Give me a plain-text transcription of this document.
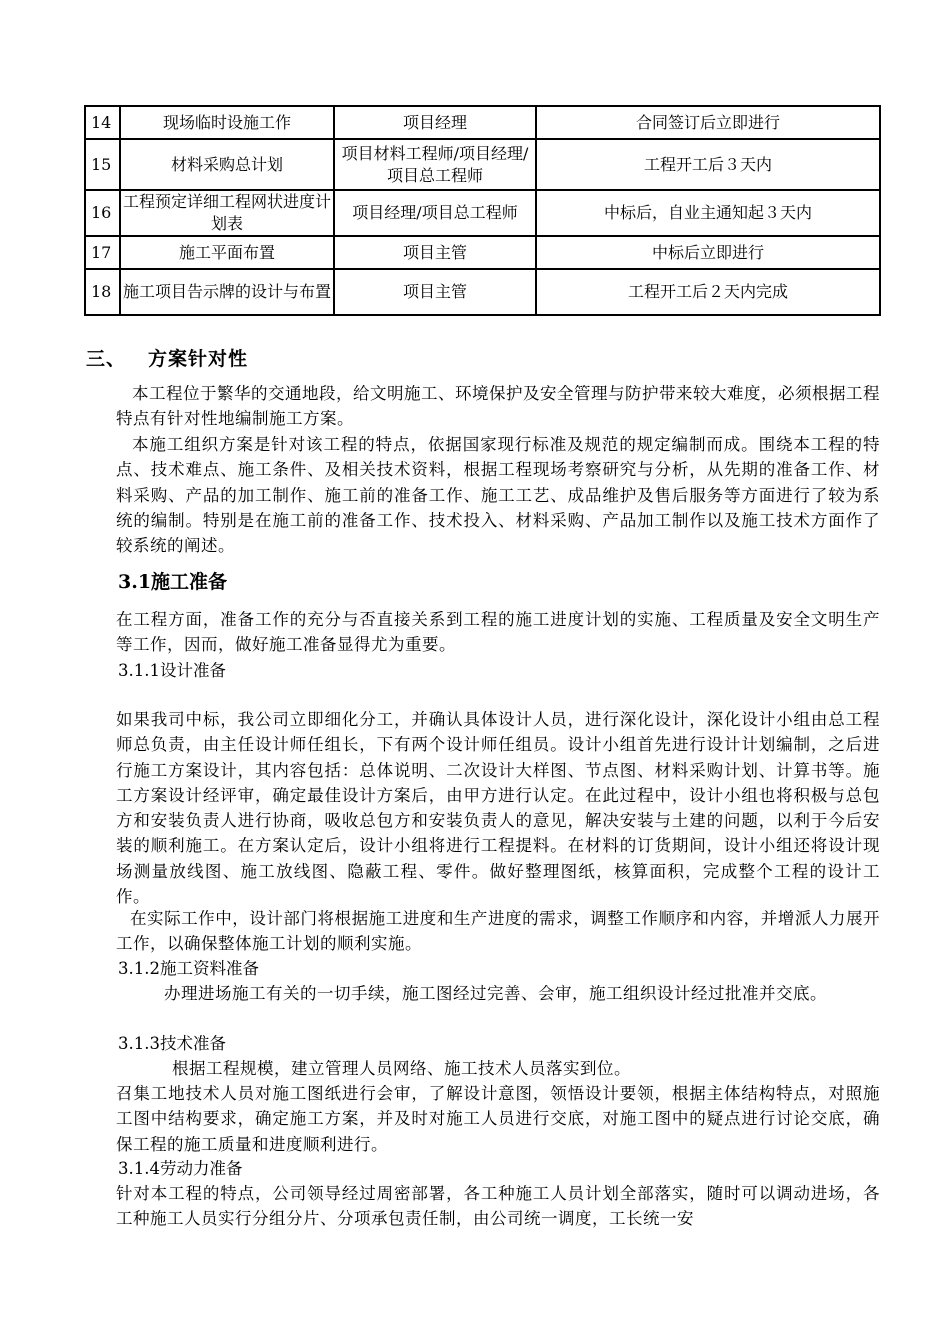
14	现场临时设施工作	项目经理	合同签订后立即进行
15	材料采购总计划	项目材料工程师/项目经理/项目总工程师	工程开工后３天内
16	工程预定详细工程网状进度计划表	项目经理/项目总工程师	中标后，自业主通知起３天内
17	施工平面布置	项目主管	中标后立即进行
18	施工项目告示牌的设计与布置	项目主管	工程开工后２天内完成
三、 方案针对性
本工程位于繁华的交通地段，给文明施工、环境保护及安全管理与防护带来较大难度，必须根据工程特点有针对性地编制施工方案。
本施工组织方案是针对该工程的特点，依据国家现行标准及规范的规定编制而成。围绕本工程的特点、技术难点、施工条件、及相关技术资料，根据工程现场考察研究与分析，从先期的准备工作、材料采购、产品的加工制作、施工前的准备工作、施工工艺、成品维护及售后服务等方面进行了较为系统的编制。特别是在施工前的准备工作、技术投入、材料采购、产品加工制作以及施工技术方面作了较系统的阐述。
3.1施工准备
在工程方面，准备工作的充分与否直接关系到工程的施工进度计划的实施、工程质量及安全文明生产等工作，因而，做好施工准备显得尤为重要。
3.1.1设计准备
如果我司中标，我公司立即细化分工，并确认具体设计人员，进行深化设计，深化设计小组由总工程师总负责，由主任设计师任组长，下有两个设计师任组员。设计小组首先进行设计计划编制，之后进行施工方案设计，其内容包括：总体说明、二次设计大样图、节点图、材料采购计划、计算书等。施工方案设计经评审，确定最佳设计方案后，由甲方进行认定。在此过程中，设计小组也将积极与总包方和安装负责人进行协商，吸收总包方和安装负责人的意见，解决安装与土建的问题，以利于今后安装的顺利施工。在方案认定后，设计小组将进行工程提料。在材料的订货期间，设计小组还将设计现场测量放线图、施工放线图、隐蔽工程、零件。做好整理图纸，核算面积，完成整个工程的设计工作。
在实际工作中，设计部门将根据施工进度和生产进度的需求，调整工作顺序和内容，并增派人力展开工作，以确保整体施工计划的顺利实施。
3.1.2施工资料准备
办理进场施工有关的一切手续，施工图经过完善、会审，施工组织设计经过批准并交底。
3.1.3技术准备
根据工程规模，建立管理人员网络、施工技术人员落实到位。
召集工地技术人员对施工图纸进行会审，了解设计意图，领悟设计要领，根据主体结构特点，对照施工图中结构要求，确定施工方案，并及时对施工人员进行交底，对施工图中的疑点进行讨论交底，确保工程的施工质量和进度顺利进行。
3.1.4劳动力准备
针对本工程的特点，公司领导经过周密部署，各工种施工人员计划全部落实，随时可以调动进场，各工种施工人员实行分组分片、分项承包责任制，由公司统一调度，工长统一安
